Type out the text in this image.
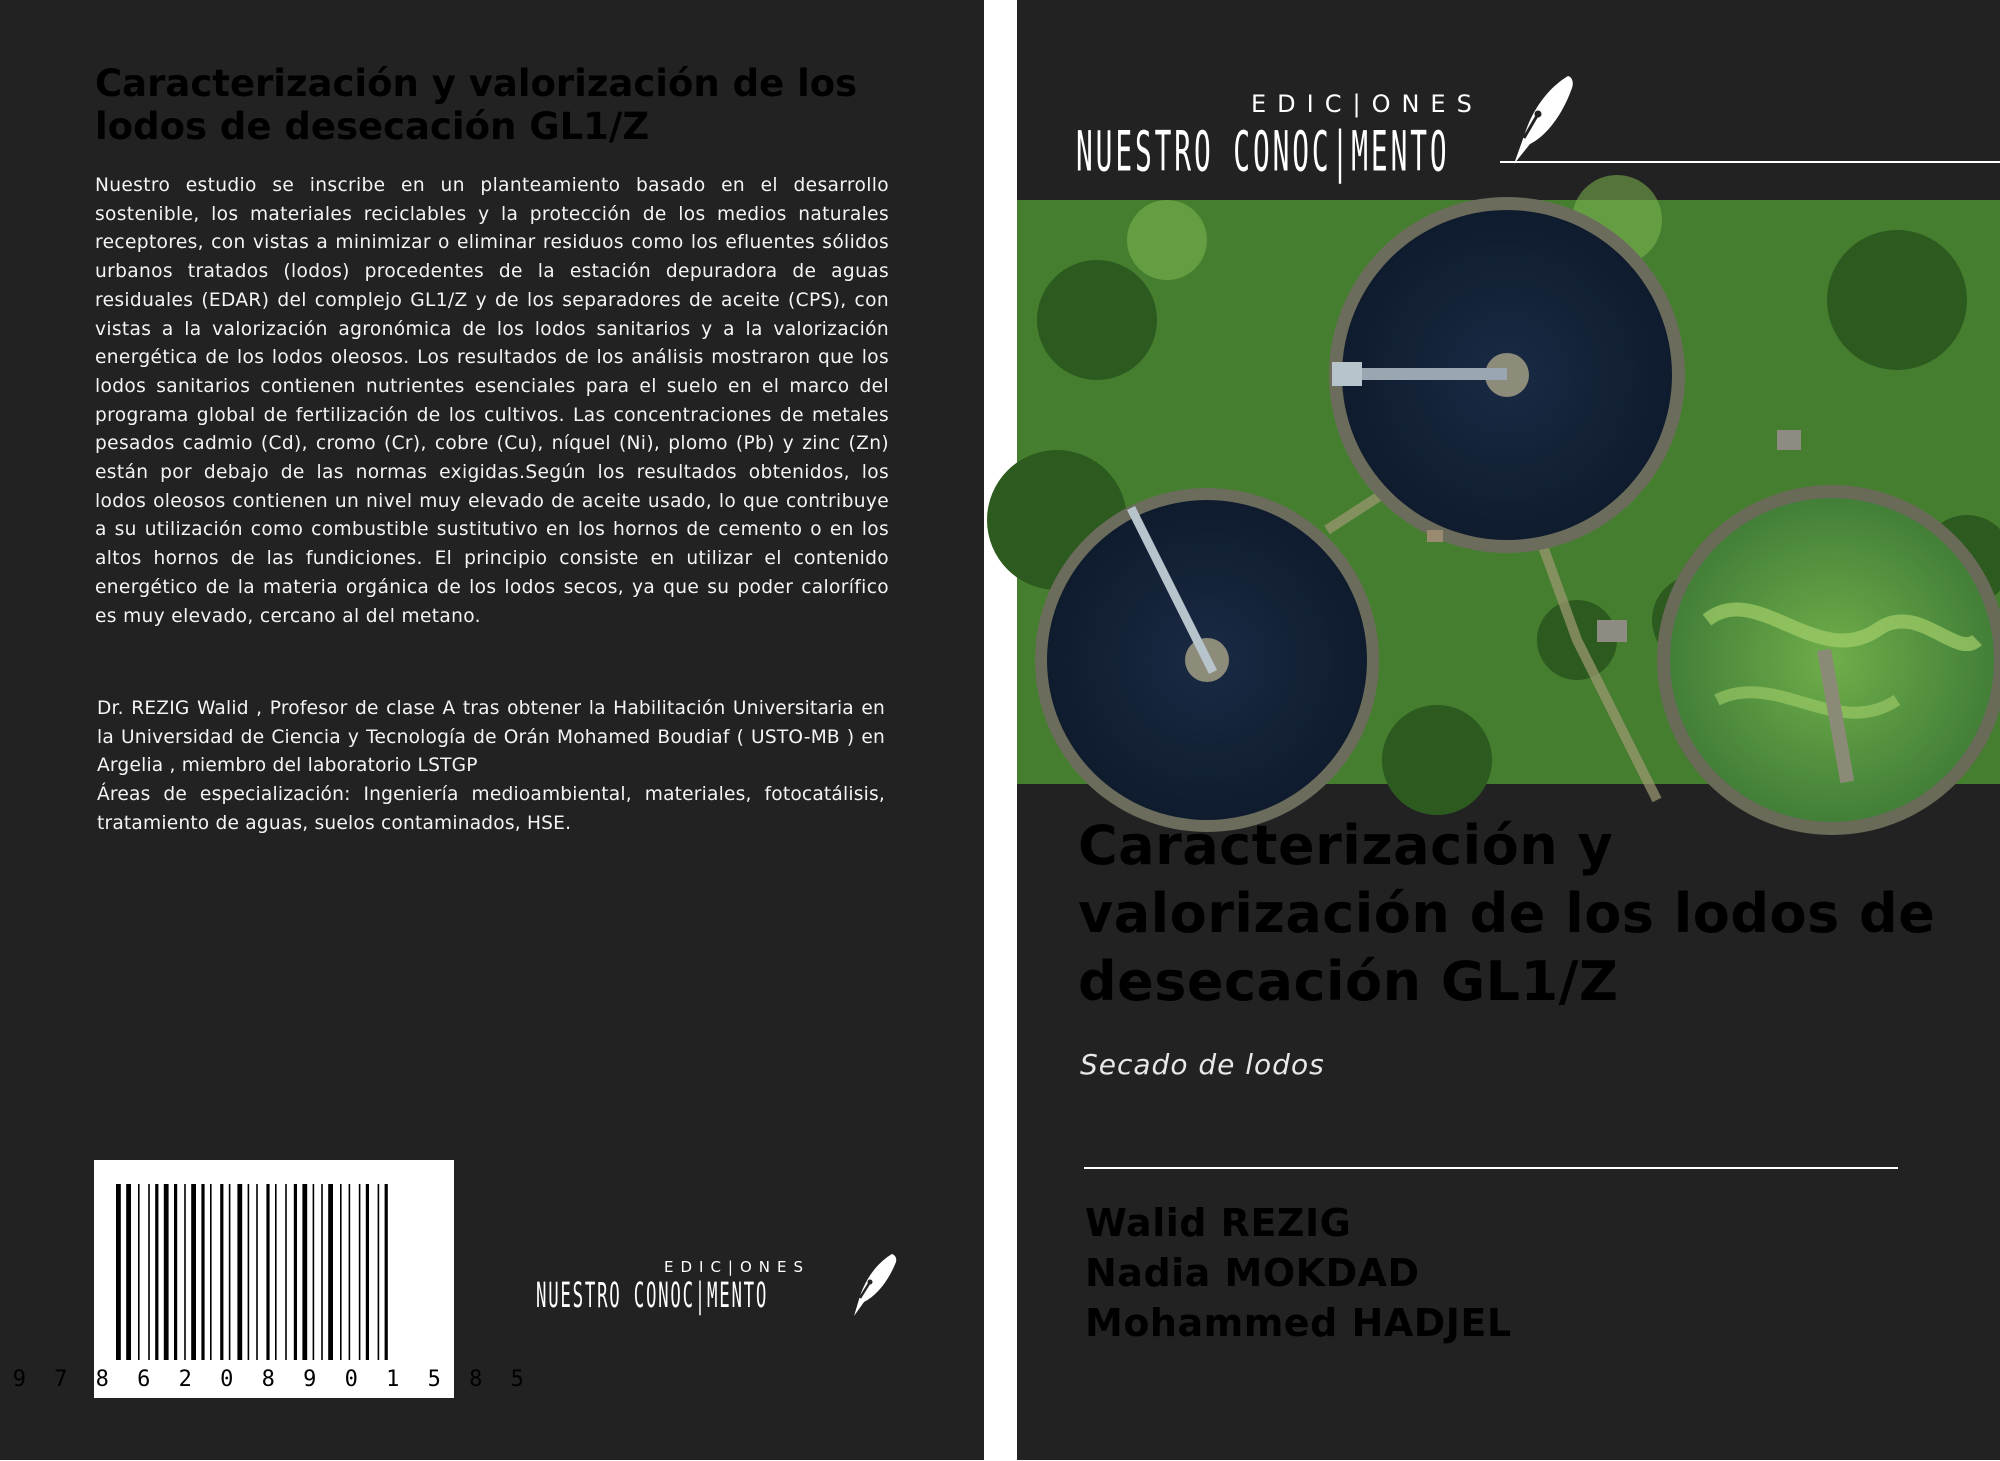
Caracterización y valorización de los lodos de desecación GL1/Z

Nuestro estudio se inscribe en un planteamiento basado en el desarrollo sostenible, los materiales reciclables y la protección de los medios naturales receptores, con vistas a minimizar o eliminar residuos como los efluentes sólidos urbanos tratados (lodos) procedentes de la estación depuradora de aguas residuales (EDAR) del complejo GL1/Z y de los separadores de aceite (CPS), con vistas a la valorización agronómica de los lodos sanitarios y a la valorización energética de los lodos oleosos. Los resultados de los análisis mostraron que los lodos sanitarios contienen nutrientes esenciales para el suelo en el marco del programa global de fertilización de los cultivos. Las concentraciones de metales pesados cadmio (Cd), cromo (Cr), cobre (Cu), níquel (Ni), plomo (Pb) y zinc (Zn) están por debajo de las normas exigidas.Según los resultados obtenidos, los lodos oleosos contienen un nivel muy elevado de aceite usado, lo que contribuye a su utilización como combustible sustitutivo en los hornos de cemento o en los altos hornos de las fundiciones. El principio consiste en utilizar el contenido energético de la materia orgánica de los lodos secos, ya que su poder calorífico es muy elevado, cercano al del metano.

Dr. REZIG Walid , Profesor de clase A tras obtener la Habilitación Universitaria en la Universidad de Ciencia y Tecnología de Orán Mohamed Boudiaf ( USTO-MB ) en Argelia , miembro del laboratorio LSTGP

Áreas de especialización: Ingeniería medioambiental, materiales, fotocatálisis, tratamiento de aguas, suelos contaminados, HSE.

9 7 8 6 2 0 8 9 0 1 5 8 5
EDIC|ONES
NUESTRO CONOC|MENTO
EDIC|ONES
NUESTRO CONOC|MENTO
Caracterización y valorización de los lodos de desecación GL1/Z
Secado de lodos
Walid REZIG
Nadia MOKDAD
Mohammed HADJEL
